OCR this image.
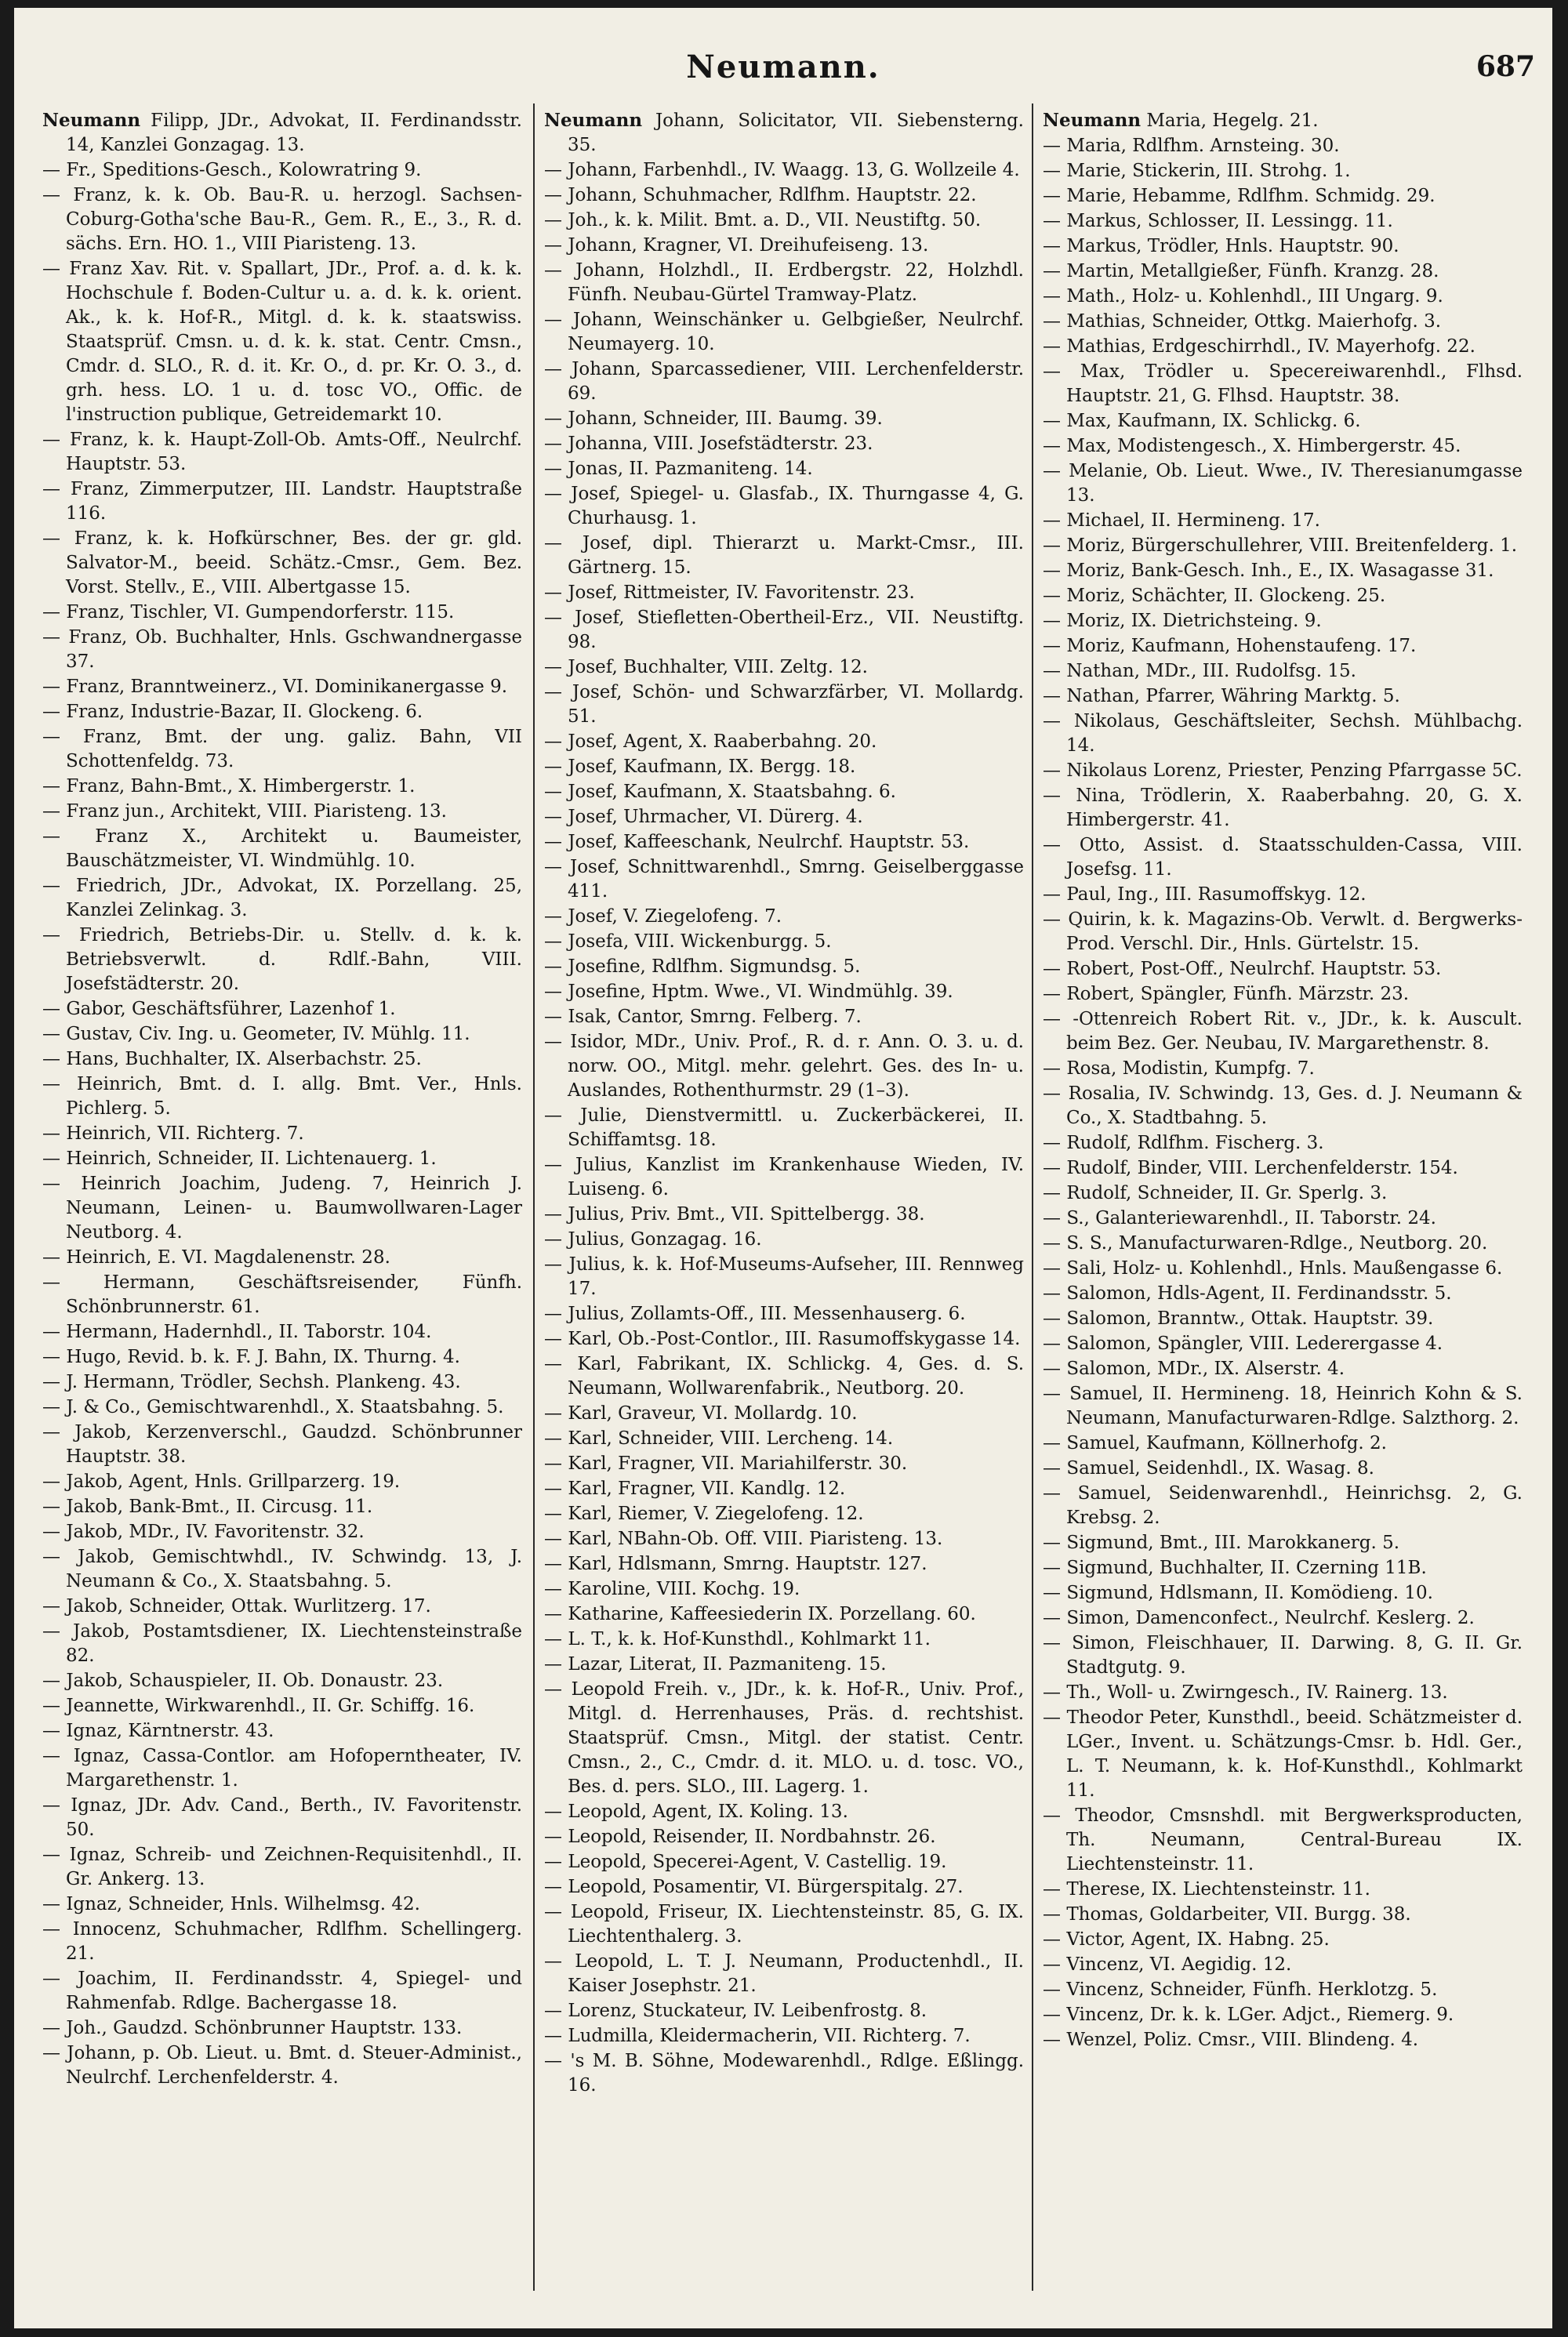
Neumann.	687

Neumann Filipp, JDr., Advokat, II. Ferdinandsstr. 14, Kanzlei Gonzagag. 13.

— Fr., Speditions-Gesch., Kolowratring 9.

— Franz, k. k. Ob. Bau-R. u. herzogl. Sachsen-Coburg-Gotha'sche Bau-R., Gem. R., E., 3., R. d. sächs. Ern. HO. 1., VIII Piaristeng. 13.

— Franz Xav. Rit. v. Spallart, JDr., Prof. a. d. k. k. Hochschule f. Boden-Cultur u. a. d. k. k. orient. Ak., k. k. Hof-R., Mitgl. d. k. k. staatswiss. Staatsprüf. Cmsn. u. d. k. k. stat. Centr. Cmsn., Cmdr. d. SLO., R. d. it. Kr. O., d. pr. Kr. O. 3., d. grh. hess. LO. 1 u. d. tosc VO., Offic. de l'instruction publique, Getreidemarkt 10.

— Franz, k. k. Haupt-Zoll-Ob. Amts-Off., Neulrchf. Hauptstr. 53.

— Franz, Zimmerputzer, III. Landstr. Hauptstraße 116.

— Franz, k. k. Hofkürschner, Bes. der gr. gld. Salvator-M., beeid. Schätz.-Cmsr., Gem. Bez. Vorst. Stellv., E., VIII. Albertgasse 15.

— Franz, Tischler, VI. Gumpendorferstr. 115.

— Franz, Ob. Buchhalter, Hnls. Gschwandnergasse 37.

— Franz, Branntweinerz., VI. Dominikanergasse 9.

— Franz, Industrie-Bazar, II. Glockeng. 6.

— Franz, Bmt. der ung. galiz. Bahn, VII Schottenfeldg. 73.

— Franz, Bahn-Bmt., X. Himbergerstr. 1.

— Franz jun., Architekt, VIII. Piaristeng. 13.

— Franz X., Architekt u. Baumeister, Bauschätzmeister, VI. Windmühlg. 10.

— Friedrich, JDr., Advokat, IX. Porzellang. 25, Kanzlei Zelinkag. 3.

— Friedrich, Betriebs-Dir. u. Stellv. d. k. k. Betriebsverwlt. d. Rdlf.-Bahn, VIII. Josefstädterstr. 20.

— Gabor, Geschäftsführer, Lazenhof 1.

— Gustav, Civ. Ing. u. Geometer, IV. Mühlg. 11.

— Hans, Buchhalter, IX. Alserbachstr. 25.

— Heinrich, Bmt. d. I. allg. Bmt. Ver., Hnls. Pichlerg. 5.

— Heinrich, VII. Richterg. 7.

— Heinrich, Schneider, II. Lichtenauerg. 1.

— Heinrich Joachim, Judeng. 7, Heinrich J. Neumann, Leinen- u. Baumwollwaren-Lager Neutborg. 4.

— Heinrich, E. VI. Magdalenenstr. 28.

— Hermann, Geschäftsreisender, Fünfh. Schönbrunnerstr. 61.

— Hermann, Hadernhdl., II. Taborstr. 104.

— Hugo, Revid. b. k. F. J. Bahn, IX. Thurng. 4.

— J. Hermann, Trödler, Sechsh. Plankeng. 43.

— J. & Co., Gemischtwarenhdl., X. Staatsbahng. 5.

— Jakob, Kerzenverschl., Gaudzd. Schönbrunner Hauptstr. 38.

— Jakob, Agent, Hnls. Grillparzerg. 19.

— Jakob, Bank-Bmt., II. Circusg. 11.

— Jakob, MDr., IV. Favoritenstr. 32.

— Jakob, Gemischtwhdl., IV. Schwindg. 13, J. Neumann & Co., X. Staatsbahng. 5.

— Jakob, Schneider, Ottak. Wurlitzerg. 17.

— Jakob, Postamtsdiener, IX. Liechtensteinstraße 82.

— Jakob, Schauspieler, II. Ob. Donaustr. 23.

— Jeannette, Wirkwarenhdl., II. Gr. Schiffg. 16.

— Ignaz, Kärntnerstr. 43.

— Ignaz, Cassa-Contlor. am Hofoperntheater, IV. Margarethenstr. 1.

— Ignaz, JDr. Adv. Cand., Berth., IV. Favoritenstr. 50.

— Ignaz, Schreib- und Zeichnen-Requisitenhdl., II. Gr. Ankerg. 13.

— Ignaz, Schneider, Hnls. Wilhelmsg. 42.

— Innocenz, Schuhmacher, Rdlfhm. Schellingerg. 21.

— Joachim, II. Ferdinandsstr. 4, Spiegel- und Rahmenfab. Rdlge. Bachergasse 18.

— Joh., Gaudzd. Schönbrunner Hauptstr. 133.

— Johann, p. Ob. Lieut. u. Bmt. d. Steuer-Administ., Neulrchf. Lerchenfelderstr. 4.

Neumann Johann, Solicitator, VII. Siebensterng. 35.

— Johann, Farbenhdl., IV. Waagg. 13, G. Wollzeile 4.

— Johann, Schuhmacher, Rdlfhm. Hauptstr. 22.

— Joh., k. k. Milit. Bmt. a. D., VII. Neustiftg. 50.

— Johann, Kragner, VI. Dreihufeiseng. 13.

— Johann, Holzhdl., II. Erdbergstr. 22, Holzhdl. Fünfh. Neubau-Gürtel Tramway-Platz.

— Johann, Weinschänker u. Gelbgießer, Neulrchf. Neumayerg. 10.

— Johann, Sparcassediener, VIII. Lerchenfelderstr. 69.

— Johann, Schneider, III. Baumg. 39.

— Johanna, VIII. Josefstädterstr. 23.

— Jonas, II. Pazmaniteng. 14.

— Josef, Spiegel- u. Glasfab., IX. Thurngasse 4, G. Churhausg. 1.

— Josef, dipl. Thierarzt u. Markt-Cmsr., III. Gärtnerg. 15.

— Josef, Rittmeister, IV. Favoritenstr. 23.

— Josef, Stiefletten-Obertheil-Erz., VII. Neustiftg. 98.

— Josef, Buchhalter, VIII. Zeltg. 12.

— Josef, Schön- und Schwarzfärber, VI. Mollardg. 51.

— Josef, Agent, X. Raaberbahng. 20.

— Josef, Kaufmann, IX. Bergg. 18.

— Josef, Kaufmann, X. Staatsbahng. 6.

— Josef, Uhrmacher, VI. Dürerg. 4.

— Josef, Kaffeeschank, Neulrchf. Hauptstr. 53.

— Josef, Schnittwarenhdl., Smrng. Geiselberggasse 411.

— Josef, V. Ziegelofeng. 7.

— Josefa, VIII. Wickenburgg. 5.

— Josefine, Rdlfhm. Sigmundsg. 5.

— Josefine, Hptm. Wwe., VI. Windmühlg. 39.

— Isak, Cantor, Smrng. Felberg. 7.

— Isidor, MDr., Univ. Prof., R. d. r. Ann. O. 3. u. d. norw. OO., Mitgl. mehr. gelehrt. Ges. des In- u. Auslandes, Rothenthurmstr. 29 (1–3).

— Julie, Dienstvermittl. u. Zuckerbäckerei, II. Schiffamtsg. 18.

— Julius, Kanzlist im Krankenhause Wieden, IV. Luiseng. 6.

— Julius, Priv. Bmt., VII. Spittelbergg. 38.

— Julius, Gonzagag. 16.

— Julius, k. k. Hof-Museums-Aufseher, III. Rennweg 17.

— Julius, Zollamts-Off., III. Messenhauserg. 6.

— Karl, Ob.-Post-Contlor., III. Rasumoffskygasse 14.

— Karl, Fabrikant, IX. Schlickg. 4, Ges. d. S. Neumann, Wollwarenfabrik., Neutborg. 20.

— Karl, Graveur, VI. Mollardg. 10.

— Karl, Schneider, VIII. Lercheng. 14.

— Karl, Fragner, VII. Mariahilferstr. 30.

— Karl, Fragner, VII. Kandlg. 12.

— Karl, Riemer, V. Ziegelofeng. 12.

— Karl, NBahn-Ob. Off. VIII. Piaristeng. 13.

— Karl, Hdlsmann, Smrng. Hauptstr. 127.

— Karoline, VIII. Kochg. 19.

— Katharine, Kaffeesiederin IX. Porzellang. 60.

— L. T., k. k. Hof-Kunsthdl., Kohlmarkt 11.

— Lazar, Literat, II. Pazmaniteng. 15.

— Leopold Freih. v., JDr., k. k. Hof-R., Univ. Prof., Mitgl. d. Herrenhauses, Präs. d. rechtshist. Staatsprüf. Cmsn., Mitgl. der statist. Centr. Cmsn., 2., C., Cmdr. d. it. MLO. u. d. tosc. VO., Bes. d. pers. SLO., III. Lagerg. 1.

— Leopold, Agent, IX. Koling. 13.

— Leopold, Reisender, II. Nordbahnstr. 26.

— Leopold, Specerei-Agent, V. Castellig. 19.

— Leopold, Posamentir, VI. Bürgerspitalg. 27.

— Leopold, Friseur, IX. Liechtensteinstr. 85, G. IX. Liechtenthalerg. 3.

— Leopold, L. T. J. Neumann, Productenhdl., II. Kaiser Josephstr. 21.

— Lorenz, Stuckateur, IV. Leibenfrostg. 8.

— Ludmilla, Kleidermacherin, VII. Richterg. 7.

— 's M. B. Söhne, Modewarenhdl., Rdlge. Eßlingg. 16.

Neumann Maria, Hegelg. 21.

— Maria, Rdlfhm. Arnsteing. 30.

— Marie, Stickerin, III. Strohg. 1.

— Marie, Hebamme, Rdlfhm. Schmidg. 29.

— Markus, Schlosser, II. Lessingg. 11.

— Markus, Trödler, Hnls. Hauptstr. 90.

— Martin, Metallgießer, Fünfh. Kranzg. 28.

— Math., Holz- u. Kohlenhdl., III Ungarg. 9.

— Mathias, Schneider, Ottkg. Maierhofg. 3.

— Mathias, Erdgeschirrhdl., IV. Mayerhofg. 22.

— Max, Trödler u. Specereiwarenhdl., Flhsd. Hauptstr. 21, G. Flhsd. Hauptstr. 38.

— Max, Kaufmann, IX. Schlickg. 6.

— Max, Modistengesch., X. Himbergerstr. 45.

— Melanie, Ob. Lieut. Wwe., IV. Theresianumgasse 13.

— Michael, II. Hermineng. 17.

— Moriz, Bürgerschullehrer, VIII. Breitenfelderg. 1.

— Moriz, Bank-Gesch. Inh., E., IX. Wasagasse 31.

— Moriz, Schächter, II. Glockeng. 25.

— Moriz, IX. Dietrichsteing. 9.

— Moriz, Kaufmann, Hohenstaufeng. 17.

— Nathan, MDr., III. Rudolfsg. 15.

— Nathan, Pfarrer, Währing Marktg. 5.

— Nikolaus, Geschäftsleiter, Sechsh. Mühlbachg. 14.

— Nikolaus Lorenz, Priester, Penzing Pfarrgasse 5C.

— Nina, Trödlerin, X. Raaberbahng. 20, G. X. Himbergerstr. 41.

— Otto, Assist. d. Staatsschulden-Cassa, VIII. Josefsg. 11.

— Paul, Ing., III. Rasumoffskyg. 12.

— Quirin, k. k. Magazins-Ob. Verwlt. d. Bergwerks-Prod. Verschl. Dir., Hnls. Gürtelstr. 15.

— Robert, Post-Off., Neulrchf. Hauptstr. 53.

— Robert, Spängler, Fünfh. Märzstr. 23.

— -Ottenreich Robert Rit. v., JDr., k. k. Auscult. beim Bez. Ger. Neubau, IV. Margarethenstr. 8.

— Rosa, Modistin, Kumpfg. 7.

— Rosalia, IV. Schwindg. 13, Ges. d. J. Neumann & Co., X. Stadtbahng. 5.

— Rudolf, Rdlfhm. Fischerg. 3.

— Rudolf, Binder, VIII. Lerchenfelderstr. 154.

— Rudolf, Schneider, II. Gr. Sperlg. 3.

— S., Galanteriewarenhdl., II. Taborstr. 24.

— S. S., Manufacturwaren-Rdlge., Neutborg. 20.

— Sali, Holz- u. Kohlenhdl., Hnls. Maußengasse 6.

— Salomon, Hdls-Agent, II. Ferdinandsstr. 5.

— Salomon, Branntw., Ottak. Hauptstr. 39.

— Salomon, Spängler, VIII. Lederergasse 4.

— Salomon, MDr., IX. Alserstr. 4.

— Samuel, II. Hermineng. 18, Heinrich Kohn & S. Neumann, Manufacturwaren-Rdlge. Salzthorg. 2.

— Samuel, Kaufmann, Köllnerhofg. 2.

— Samuel, Seidenhdl., IX. Wasag. 8.

— Samuel, Seidenwarenhdl., Heinrichsg. 2, G. Krebsg. 2.

— Sigmund, Bmt., III. Marokkanerg. 5.

— Sigmund, Buchhalter, II. Czerning 11B.

— Sigmund, Hdlsmann, II. Komödieng. 10.

— Simon, Damenconfect., Neulrchf. Keslerg. 2.

— Simon, Fleischhauer, II. Darwing. 8, G. II. Gr. Stadtgutg. 9.

— Th., Woll- u. Zwirngesch., IV. Rainerg. 13.

— Theodor Peter, Kunsthdl., beeid. Schätzmeister d. LGer., Invent. u. Schätzungs-Cmsr. b. Hdl. Ger., L. T. Neumann, k. k. Hof-Kunsthdl., Kohlmarkt 11.

— Theodor, Cmsnshdl. mit Bergwerksproducten, Th. Neumann, Central-Bureau IX. Liechtensteinstr. 11.

— Therese, IX. Liechtensteinstr. 11.

— Thomas, Goldarbeiter, VII. Burgg. 38.

— Victor, Agent, IX. Habng. 25.

— Vincenz, VI. Aegidig. 12.

— Vincenz, Schneider, Fünfh. Herklotzg. 5.

— Vincenz, Dr. k. k. LGer. Adjct., Riemerg. 9.

— Wenzel, Poliz. Cmsr., VIII. Blindeng. 4.
